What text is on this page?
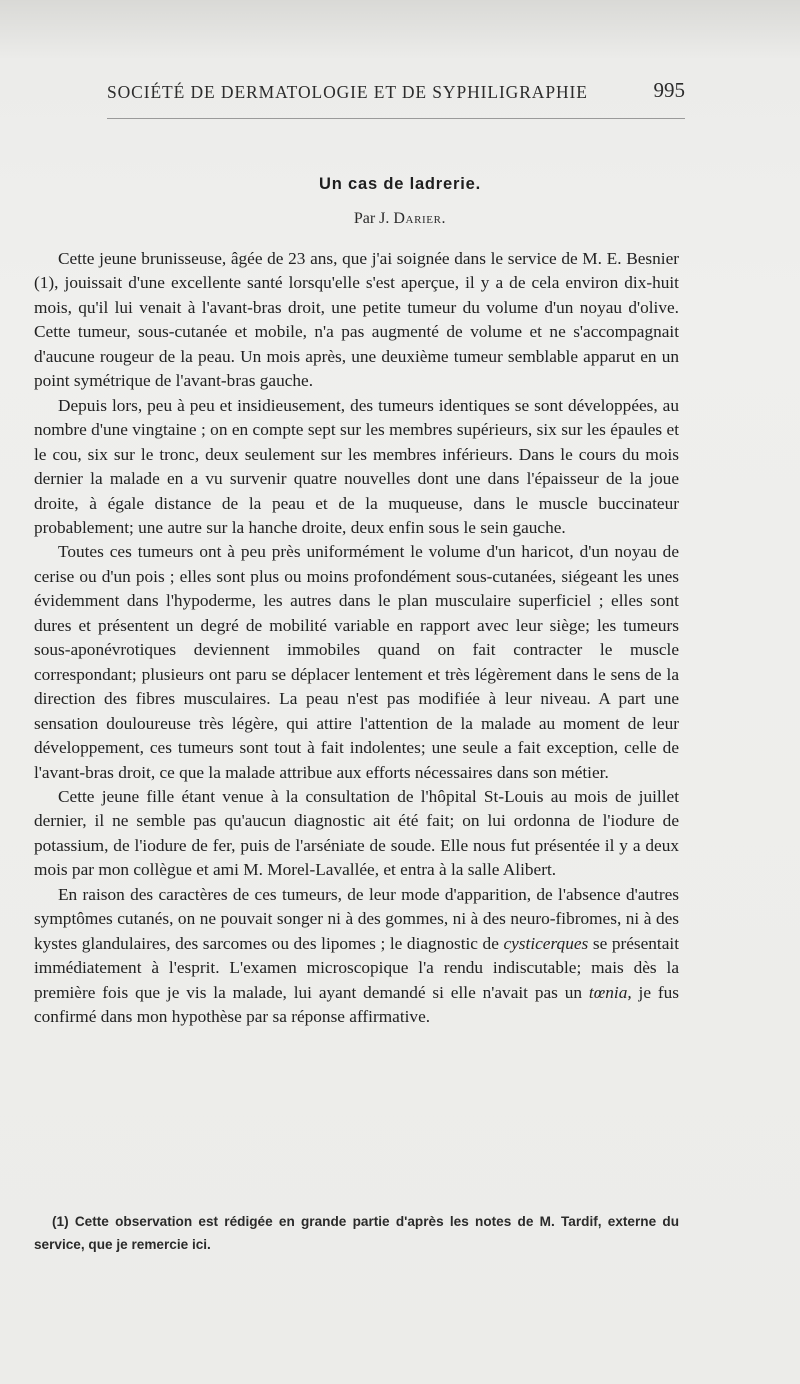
SOCIÉTÉ DE DERMATOLOGIE ET DE SYPHILIGRAPHIE	995
Un cas de ladrerie.
Par J. Darier.

Cette jeune brunisseuse, âgée de 23 ans, que j'ai soignée dans le service de M. E. Besnier (1), jouissait d'une excellente santé lorsqu'elle s'est aperçue, il y a de cela environ dix-huit mois, qu'il lui venait à l'avant-bras droit, une petite tumeur du volume d'un noyau d'olive. Cette tumeur, sous-cutanée et mobile, n'a pas augmenté de volume et ne s'accompagnait d'aucune rougeur de la peau. Un mois après, une deuxième tumeur semblable apparut en un point symétrique de l'avant-bras gauche.

Depuis lors, peu à peu et insidieusement, des tumeurs identiques se sont développées, au nombre d'une vingtaine ; on en compte sept sur les membres supérieurs, six sur les épaules et le cou, six sur le tronc, deux seulement sur les membres inférieurs. Dans le cours du mois dernier la malade en a vu survenir quatre nouvelles dont une dans l'épaisseur de la joue droite, à égale distance de la peau et de la muqueuse, dans le muscle buccinateur probablement; une autre sur la hanche droite, deux enfin sous le sein gauche.

Toutes ces tumeurs ont à peu près uniformément le volume d'un haricot, d'un noyau de cerise ou d'un pois ; elles sont plus ou moins profondément sous-cutanées, siégeant les unes évidemment dans l'hypoderme, les autres dans le plan musculaire superficiel ; elles sont dures et présentent un degré de mobilité variable en rapport avec leur siège; les tumeurs sous-aponévrotiques deviennent immobiles quand on fait contracter le muscle correspondant; plusieurs ont paru se déplacer lentement et très légèrement dans le sens de la direction des fibres musculaires. La peau n'est pas modifiée à leur niveau. A part une sensation douloureuse très légère, qui attire l'attention de la malade au moment de leur développement, ces tumeurs sont tout à fait indolentes; une seule a fait exception, celle de l'avant-bras droit, ce que la malade attribue aux efforts nécessaires dans son métier.

Cette jeune fille étant venue à la consultation de l'hôpital St-Louis au mois de juillet dernier, il ne semble pas qu'aucun diagnostic ait été fait; on lui ordonna de l'iodure de potassium, de l'iodure de fer, puis de l'arséniate de soude. Elle nous fut présentée il y a deux mois par mon collègue et ami M. Morel-Lavallée, et entra à la salle Alibert.

En raison des caractères de ces tumeurs, de leur mode d'apparition, de l'absence d'autres symptômes cutanés, on ne pouvait songer ni à des gommes, ni à des neuro-fibromes, ni à des kystes glandulaires, des sarcomes ou des lipomes ; le diagnostic de cysticerques se présentait immédiatement à l'esprit. L'examen microscopique l'a rendu indiscutable; mais dès la première fois que je vis la malade, lui ayant demandé si elle n'avait pas un tœnia, je fus confirmé dans mon hypothèse par sa réponse affirmative.

(1) Cette observation est rédigée en grande partie d'après les notes de M. Tardif, externe du service, que je remercie ici.
